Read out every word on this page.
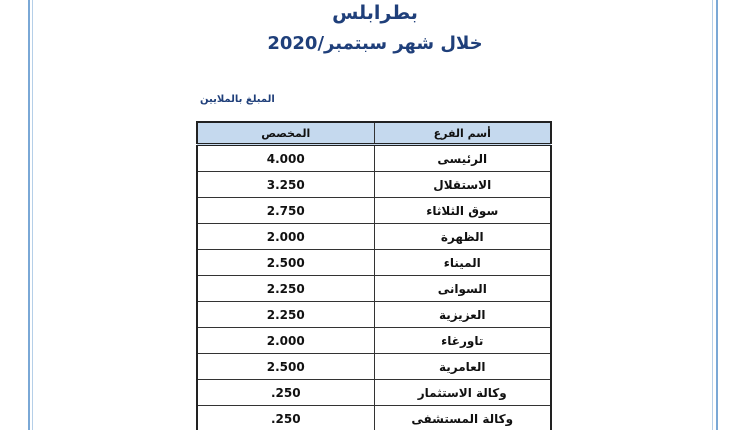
بطرابلس
خلال شهر سبتمبر/2020
المبلغ بالملايين
المخصص	أسم الفرع
4.000	الرئيسى
3.250	الاستقلال
2.750	سوق الثلاثاء
2.000	الظهرة
2.500	الميناء
2.250	السوانى
2.250	العزيزية
2.000	تاورغاء
2.500	العامرية
.250	وكالة الاستثمار
.250	وكالة المستشفى
